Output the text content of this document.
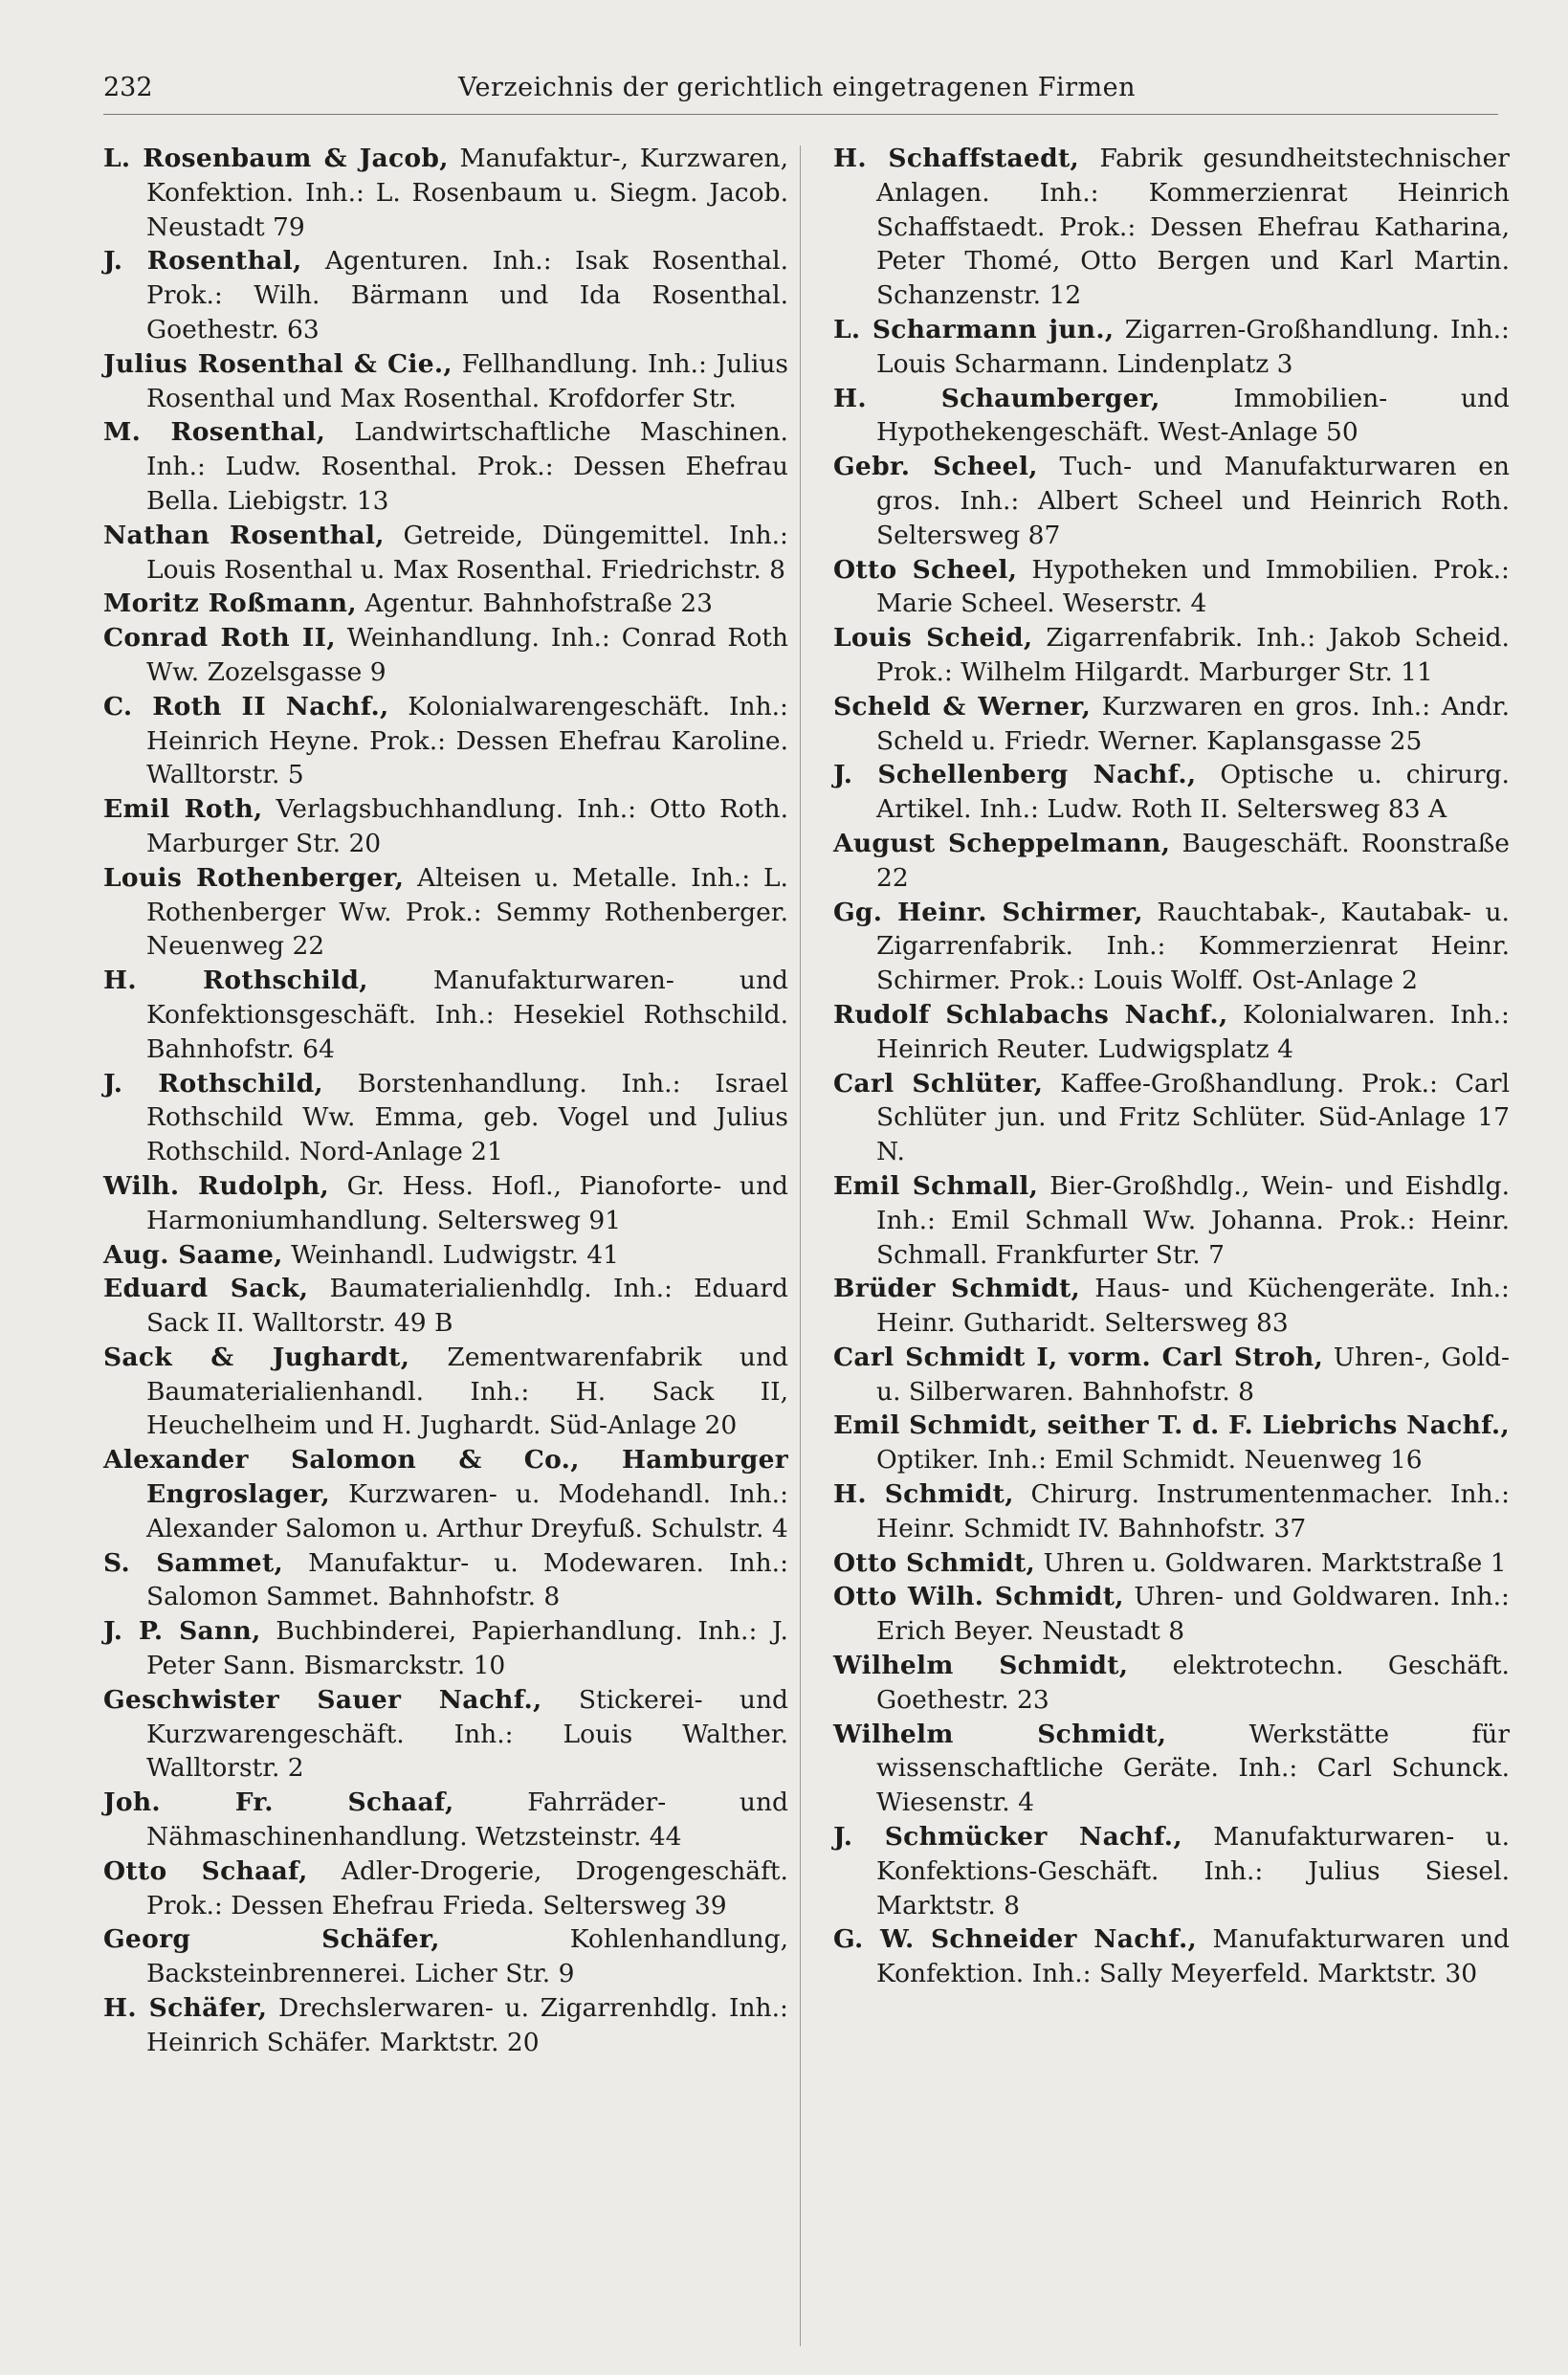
232	Verzeichnis der gerichtlich eingetragenen Firmen

L. Rosenbaum & Jacob, Manufaktur-, Kurzwaren, Konfektion. Inh.: L. Rosenbaum u. Siegm. Jacob. Neustadt 79

J. Rosenthal, Agenturen. Inh.: Isak Rosenthal. Prok.: Wilh. Bärmann und Ida Rosenthal. Goethestr. 63

Julius Rosenthal & Cie., Fellhandlung. Inh.: Julius Rosenthal und Max Rosenthal. Krofdorfer Str.

M. Rosenthal, Landwirtschaftliche Maschinen. Inh.: Ludw. Rosenthal. Prok.: Dessen Ehefrau Bella. Liebigstr. 13

Nathan Rosenthal, Getreide, Düngemittel. Inh.: Louis Rosenthal u. Max Rosenthal. Friedrichstr. 8

Moritz Roßmann, Agentur. Bahnhofstraße 23

Conrad Roth II, Weinhandlung. Inh.: Conrad Roth Ww. Zozelsgasse 9

C. Roth II Nachf., Kolonialwarengeschäft. Inh.: Heinrich Heyne. Prok.: Dessen Ehefrau Karoline. Walltorstr. 5

Emil Roth, Verlagsbuchhandlung. Inh.: Otto Roth. Marburger Str. 20

Louis Rothenberger, Alteisen u. Metalle. Inh.: L. Rothenberger Ww. Prok.: Semmy Rothenberger. Neuenweg 22

H. Rothschild,	Manufakturwaren- und Konfektionsgeschäft. Inh.: Hesekiel Rothschild. Bahnhofstr. 64

J. Rothschild, Borstenhandlung. Inh.: Israel Rothschild Ww. Emma, geb. Vogel und Julius Rothschild. Nord-Anlage 21

Wilh. Rudolph, Gr. Hess. Hofl., Pianoforte- und Harmoniumhandlung. Seltersweg 91

Aug. Saame, Weinhandl. Ludwigstr. 41

Eduard Sack, Baumaterialienhdlg. Inh.: Eduard Sack II. Walltorstr. 49 B

Sack & Jughardt, Zementwarenfabrik und Baumaterialienhandl. Inh.: H. Sack II, Heuchelheim und H. Jughardt. Süd-Anlage 20

Alexander Salomon & Co., Hamburger Engroslager, Kurzwaren- u. Modehandl. Inh.: Alexander Salomon u. Arthur Dreyfuß. Schulstr. 4

S. Sammet, Manufaktur- u. Modewaren. Inh.: Salomon Sammet. Bahnhofstr. 8

J. P. Sann, Buchbinderei, Papierhandlung. Inh.: J. Peter Sann. Bismarckstr. 10

Geschwister Sauer Nachf., Stickerei- und Kurzwarengeschäft. Inh.: Louis Walther. Walltorstr. 2

Joh. Fr. Schaaf,	Fahrräder- und Nähmaschinenhandlung. Wetzsteinstr. 44

Otto Schaaf, Adler-Drogerie, Drogengeschäft. Prok.: Dessen Ehefrau Frieda. Seltersweg 39

Georg Schäfer,	Kohlenhandlung, Backsteinbrennerei. Licher Str. 9

H. Schäfer, Drechslerwaren- u. Zigarrenhdlg. Inh.: Heinrich Schäfer. Marktstr. 20

H. Schaffstaedt, Fabrik gesundheitstechnischer Anlagen. Inh.: Kommerzienrat Heinrich Schaffstaedt. Prok.: Dessen Ehefrau Katharina, Peter Thomé, Otto Bergen und Karl Martin. Schanzenstr. 12

L. Scharmann jun., Zigarren-Großhandlung. Inh.: Louis Scharmann. Lindenplatz 3

H. Schaumberger,	Immobilien- und Hypothekengeschäft. West-Anlage 50

Gebr. Scheel, Tuch- und Manufakturwaren en gros. Inh.: Albert Scheel und Heinrich Roth. Seltersweg 87

Otto Scheel, Hypotheken und Immobilien. Prok.: Marie Scheel. Weserstr. 4

Louis Scheid, Zigarrenfabrik. Inh.: Jakob Scheid. Prok.: Wilhelm Hilgardt. Marburger Str. 11

Scheld & Werner, Kurzwaren en gros. Inh.: Andr. Scheld u. Friedr. Werner. Kaplansgasse 25

J. Schellenberg Nachf., Optische u. chirurg. Artikel. Inh.: Ludw. Roth II. Seltersweg 83 A

August Scheppelmann, Baugeschäft. Roonstraße 22

Gg. Heinr. Schirmer, Rauchtabak-, Kautabak- u. Zigarrenfabrik. Inh.: Kommerzienrat Heinr. Schirmer. Prok.: Louis Wolff. Ost-Anlage 2

Rudolf Schlabachs Nachf., Kolonialwaren. Inh.: Heinrich Reuter. Ludwigsplatz 4

Carl Schlüter, Kaffee-Großhandlung. Prok.: Carl Schlüter jun. und Fritz Schlüter. Süd-Anlage 17 N.

Emil Schmall, Bier-Großhdlg., Wein- und Eishdlg. Inh.: Emil Schmall Ww. Johanna. Prok.: Heinr. Schmall. Frankfurter Str. 7

Brüder Schmidt, Haus- und Küchengeräte. Inh.: Heinr. Gutharidt. Seltersweg 83

Carl Schmidt I, vorm. Carl Stroh, Uhren-, Gold- u. Silberwaren. Bahnhofstr. 8

Emil Schmidt, seither T. d. F. Liebrichs Nachf., Optiker. Inh.: Emil Schmidt. Neuenweg 16

H. Schmidt, Chirurg. Instrumentenmacher. Inh.: Heinr. Schmidt IV. Bahnhofstr. 37

Otto Schmidt, Uhren u. Goldwaren. Marktstraße 1

Otto Wilh. Schmidt, Uhren- und Goldwaren. Inh.: Erich Beyer. Neustadt 8

Wilhelm Schmidt, elektrotechn. Geschäft. Goethestr. 23

Wilhelm Schmidt,	Werkstätte für wissenschaftliche Geräte. Inh.: Carl Schunck. Wiesenstr. 4

J. Schmücker Nachf., Manufakturwaren- u. Konfektions-Geschäft. Inh.: Julius Siesel. Marktstr. 8

G. W. Schneider Nachf., Manufakturwaren und Konfektion. Inh.: Sally Meyerfeld. Marktstr. 30
